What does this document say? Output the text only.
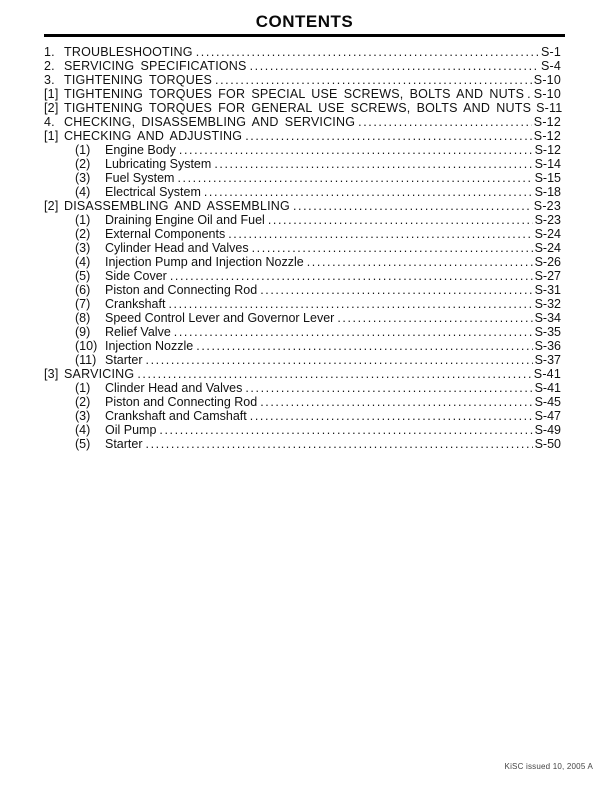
CONTENTS
1. TROUBLESHOOTING .....	S-1
2. SERVICING SPECIFICATIONS .....	S-4
3. TIGHTENING TORQUES .....	S-10
[1] TIGHTENING TORQUES FOR SPECIAL USE SCREWS, BOLTS AND NUTS ..... S-10
[2] TIGHTENING TORQUES FOR GENERAL USE SCREWS, BOLTS AND NUTS S-11
4. CHECKING, DISASSEMBLING AND SERVICING .....	S-12
[1] CHECKING AND ADJUSTING .....	S-12
(1)	Engine Body .....	S-12
(2)	Lubricating System .....	S-14
(3)	Fuel System .....	S-15
(4)	Electrical System .....	S-18
[2] DISASSEMBLING AND ASSEMBLING .....	S-23
(1)	Draining Engine Oil and Fuel .....	S-23
(2)	External Components .....	S-24
(3)	Cylinder Head and Valves .....	S-24
(4)	Injection Pump and Injection Nozzle .....	S-26
(5)	Side Cover .....	S-27
(6)	Piston and Connecting Rod .....	S-31
(7)	Crankshaft .....	S-32
(8)	Speed Control Lever and Governor Lever .....	S-34
(9)	Relief Valve .....	S-35
(10) Injection Nozzle .....	S-36
(11) Starter .....	S-37
[3] SARVICING .....	S-41
(1)	Clinder Head and Valves .....	S-41
(2)	Piston and Connecting Rod .....	S-45
(3)	Crankshaft and Camshaft .....	S-47
(4)	Oil Pump .....	S-49
(5)	Starter .....	S-50
KiSC issued 10, 2005 A
